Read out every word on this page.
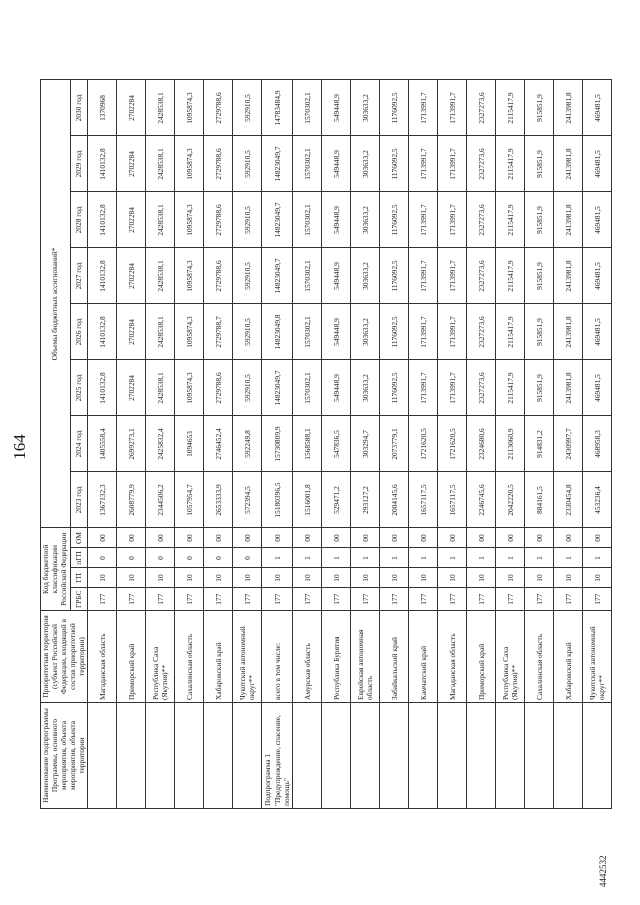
164
Наименование подпрограммы Программы, основного мероприятия, объекта мероприятия, объекта территории	Приоритетная территория (субъект Российской Федерации, входящий в состав приоритетной территории)	Код бюджетной классификации Российской Федерации				Объемы бюджетных ассигнований*							
		ГРБС	ГП	пГП	ОМ	2023 год	2024 год	2025 год	2026 год	2027 год	2028 год	2029 год	2030 год
	Магаданская область	177	10	0	00	1367132,3	1405558,4	1410132,8	1410132,8	1410132,8	1410132,8	1410132,8	1370968
	Приморский край	177	10	0	00	2608779,9	2699273,1	2702284	2702284	2702284	2702284	2702284	2702284
	Республика Саха (Якутия)**	177	10	0	00	2344506,2	2425832,4	2428538,1	2428538,1	2428538,1	2428538,1	2428538,1	2428538,1
	Сахалинская область	177	10	0	00	1057954,7	1094653	1095874,3	1095874,3	1095874,3	1095874,3	1095874,3	1095874,3
	Хабаровский край	177	10	0	00	2653333,9	2746452,4	2729788,6	2729788,7	2729788,6	2729788,6	2729788,6	2729788,6
	Чукотский автономный округ**	177	10	0	00	572394,5	592249,8	592910,5	592910,5	592910,5	592910,5	592910,5	592910,5
Подпрограмма 1 "Предупреждение, спасение, помощь"	всего в том числе:	177	10	1	00	15180396,5	15730809,9	14823049,7	14823049,8	14823049,7	14823049,7	14823049,7	14783484,9
	Амурская область	177	10	1	00	1516001,8	1568588,1	1570302,1	1570302,1	1570302,1	1570302,1	1570302,1	1570302,1
	Республика Бурятия	177	10	1	00	529471,2	547836,5	549448,9	549448,9	549448,9	549448,9	549448,9	549448,9
	Еврейская автономная область	177	10	1	00	293127,2	303294,7	303633,2	303633,2	303633,2	303633,2	303633,2	303633,2
	Забайкальский край	177	10	1	00	2004145,6	2073779,1	1176092,5	1176092,5	1176092,5	1176092,5	1176092,5	1176092,5
	Камчатский край	177	10	1	00	1657117,5	1721620,5	1713991,7	1713991,7	1713991,7	1713991,7	1713991,7	1713991,7
	Магаданская область	177	10	1	00	1657117,5	1721620,5	1713991,7	1713991,7	1713991,7	1713991,7	1713991,7	1713991,7
	Приморский край	177	10	1	00	2246745,6	2324680,6	2327273,6	2327273,6	2327273,6	2327273,6	2327273,6	2327273,6
	Республика Саха (Якутия)**	177	10	1	00	2042220,5	2113060,9	2115417,9	2115417,9	2115417,9	2115417,9	2115417,9	2115417,9
	Сахалинская область	177	10	1	00	884161,5	914831,2	915851,9	915851,9	915851,9	915851,9	915851,9	915851,9
	Хабаровский край	177	10	1	00	2330454,8	2430997,7	2413981,8	2413981,8	2413981,8	2413981,8	2413981,8	2413981,8
	Чукотский автономный округ**	177	10	1	00	453236,4	468958,3	469481,5	469481,5	469481,5	469481,5	469481,5	469481,5
4442532
